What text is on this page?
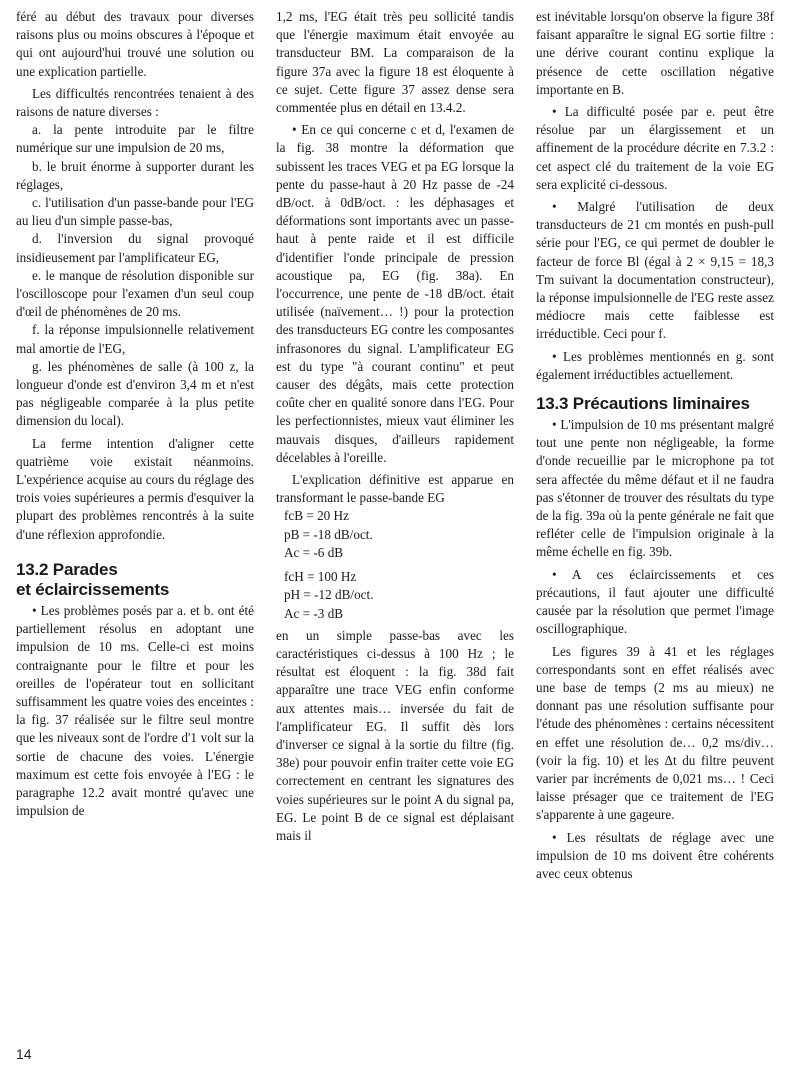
féré au début des travaux pour diverses raisons plus ou moins obscures à l'époque et qui ont aujourd'hui trouvé une solution ou une explication partielle.

Les difficultés rencontrées tenaient à des raisons de nature diverses :

a. la pente introduite par le filtre numérique sur une impulsion de 20 ms,

b. le bruit énorme à supporter durant les réglages,

c. l'utilisation d'un passe-bande pour l'EG au lieu d'un simple passe-bas,

d. l'inversion du signal provoqué insidieusement par l'amplificateur EG,

e. le manque de résolution disponible sur l'oscilloscope pour l'examen d'un seul coup d'œil de phénomènes de 20 ms.

f. la réponse impulsionnelle relativement mal amortie de l'EG,

g. les phénomènes de salle (à 100 z, la longueur d'onde est d'environ 3,4 m et n'est pas négligeable comparée à la plus petite dimension du local).

La ferme intention d'aligner cette quatrième voie existait néanmoins. L'expérience acquise au cours du réglage des trois voies supérieures a permis d'esquiver la plupart des problèmes rencontrés à la suite d'une réflexion approfondie.

13.2 Parades
et éclaircissements

• Les problèmes posés par a. et b. ont été partiellement résolus en adoptant une impulsion de 10 ms. Celle-ci est moins contraignante pour le filtre et pour les oreilles de l'opérateur tout en sollicitant suffisamment les quatre voies des enceintes : la fig. 37 réalisée sur le filtre seul montre que les niveaux sont de l'ordre d'1 volt sur la sortie de chacune des voies. L'énergie maximum est cette fois envoyée à l'EG : le paragraphe 12.2 avait montré qu'avec une impulsion de

1,2 ms, l'EG était très peu sollicité tandis que l'énergie maximum était envoyée au transducteur BM. La comparaison de la figure 37a avec la figure 18 est éloquente à ce sujet. Cette figure 37 assez dense sera commentée plus en détail en 13.4.2.

• En ce qui concerne c et d, l'examen de la fig. 38 montre la déformation que subissent les traces VEG et pa EG lorsque la pente du passe-haut à 20 Hz passe de -24 dB/oct. à 0dB/oct. : les déphasages et déformations sont importants avec un passe-haut à pente raide et il est difficile d'identifier l'onde principale de pression acoustique pa, EG (fig. 38a). En l'occurrence, une pente de -18 dB/oct. était utilisée (naïvement… !) pour la protection des transducteurs EG contre les composantes infrasonores du signal. L'amplificateur EG est du type "à courant continu" et peut causer des dégâts, mais cette protection coûte cher en qualité sonore dans l'EG. Pour les perfectionnistes, mieux vaut éliminer les mauvais disques, d'ailleurs rapidement décelables à l'oreille.

L'explication définitive est apparue en transformant le passe-bande EG

fcB = 20 Hz

pB = -18 dB/oct.

Ac = -6 dB

fcH = 100 Hz

pH = -12 dB/oct.

Ac = -3 dB

en un simple passe-bas avec les caractéristiques ci-dessus à 100 Hz ; le résultat est éloquent : la fig. 38d fait apparaître une trace VEG enfin conforme aux attentes mais… inversée du fait de l'amplificateur EG. Il suffit dès lors d'inverser ce signal à la sortie du filtre (fig. 38e) pour pouvoir enfin traiter cette voie EG correctement en centrant les signatures des voies supérieures sur le point A du signal pa, EG. Le point B de ce signal est déplaisant mais il

est inévitable lorsqu'on observe la figure 38f faisant apparaître le signal EG sortie filtre : une dérive courant continu explique la présence de cette oscillation négative importante en B.

• La difficulté posée par e. peut être résolue par un élargissement et un affinement de la procédure décrite en 7.3.2 : cet aspect clé du traitement de la voie EG sera explicité ci-dessous.

• Malgré l'utilisation de deux transducteurs de 21 cm montés en push-pull série pour l'EG, ce qui permet de doubler le facteur de force Bl (égal à 2 × 9,15 = 18,3 Tm suivant la documentation constructeur), la réponse impulsionnelle de l'EG reste assez médiocre mais cette faiblesse est irréductible. Ceci pour f.

• Les problèmes mentionnés en g. sont également irréductibles actuellement.

13.3 Précautions liminaires

• L'impulsion de 10 ms présentant malgré tout une pente non négligeable, la forme d'onde recueillie par le microphone pa tot sera affectée du même défaut et il ne faudra pas s'étonner de trouver des résultats du type de la fig. 39a où la pente générale ne fait que refléter celle de l'impulsion originale à la même échelle en fig. 39b.

• A ces éclaircissements et ces précautions, il faut ajouter une difficulté causée par la résolution que permet l'image oscillographique.

Les figures 39 à 41 et les réglages correspondants sont en effet réalisés avec une base de temps (2 ms au mieux) ne donnant pas une résolution suffisante pour l'étude des phénomènes : certains nécessitent en effet une résolution de… 0,2 ms/div… (voir la fig. 10) et les Δt du filtre peuvent varier par incréments de 0,021 ms… ! Ceci laisse présager que ce traitement de l'EG s'apparente à une gageure.

• Les résultats de réglage avec une impulsion de 10 ms doivent être cohérents avec ceux obtenus

14
